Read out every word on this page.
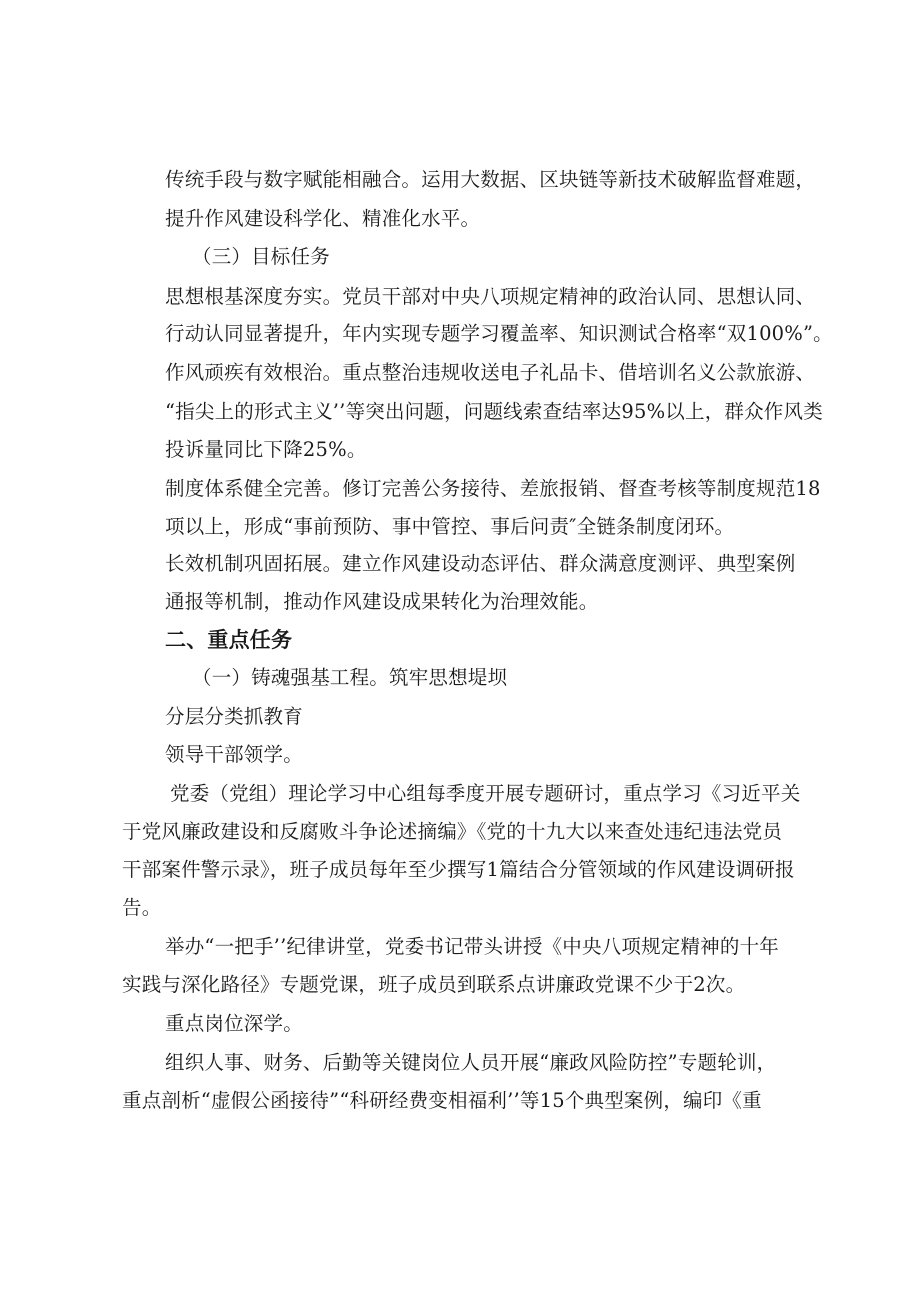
传统手段与数字赋能相融合。运用大数据、区块链等新技术破解监督难题，
提升作风建设科学化、精准化水平。
（三）目标任务
思想根基深度夯实。党员干部对中央八项规定精神的政治认同、思想认同、
行动认同显著提升，年内实现专题学习覆盖率、知识测试合格率“双100%”。
作风顽疾有效根治。重点整治违规收送电子礼品卡、借培训名义公款旅游、
“指尖上的形式主义’’等突出问题，问题线索查结率达95%以上，群众作风类
投诉量同比下降25%。
制度体系健全完善。修订完善公务接待、差旅报销、督查考核等制度规范18
项以上，形成“事前预防、事中管控、事后问责″全链条制度闭环。
长效机制巩固拓展。建立作风建设动态评估、群众满意度测评、典型案例
通报等机制，推动作风建设成果转化为治理效能。
二、重点任务
（一）铸魂强基工程。筑牢思想堤坝
分层分类抓教育
领导干部领学。
党委（党组）理论学习中心组每季度开展专题研讨，重点学习《习近平关
于党风廉政建设和反腐败斗争论述摘编》《党的十九大以来查处违纪违法党员
干部案件警示录》，班子成员每年至少撰写1篇结合分管领域的作风建设调研报
告。
举办“一把手’’纪律讲堂，党委书记带头讲授《中央八项规定精神的十年
实践与深化路径》专题党课，班子成员到联系点讲廉政党课不少于2次。
重点岗位深学。
组织人事、财务、后勤等关键岗位人员开展“廉政风险防控”专题轮训，
重点剖析“虚假公函接待”“科研经费变相福利’’等15个典型案例，编印《重
